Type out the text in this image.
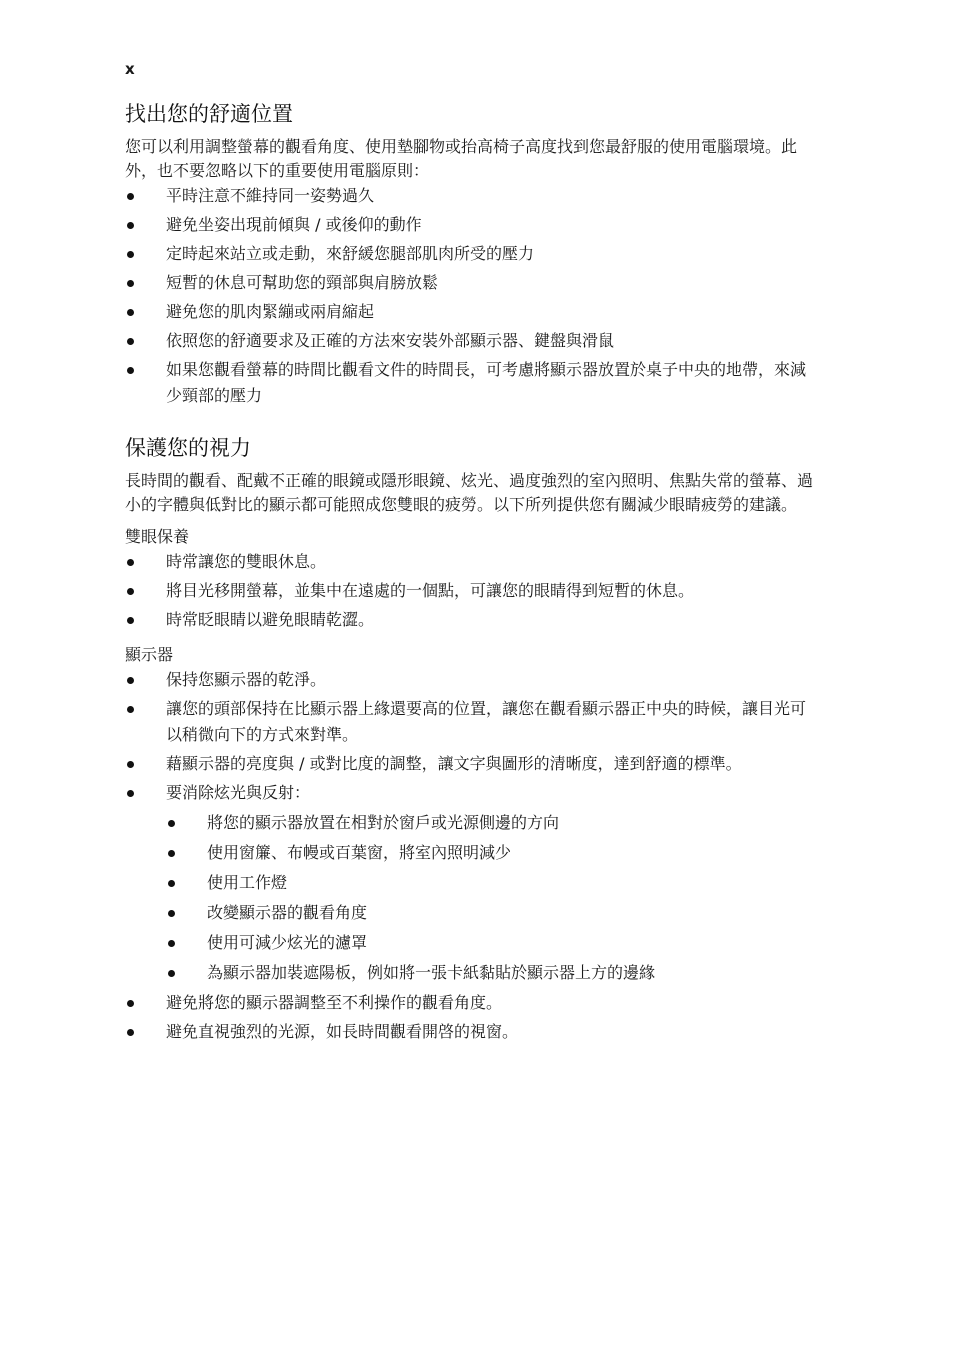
x
找出您的舒適位置

您可以利用調整螢幕的觀看角度、使用墊腳物或抬高椅子高度找到您最舒服的使用電腦環境。此外，也不要忽略以下的重要使用電腦原則：

平時注意不維持同一姿勢過久
避免坐姿出現前傾與 / 或後仰的動作
定時起來站立或走動，來舒緩您腿部肌肉所受的壓力
短暫的休息可幫助您的頸部與肩膀放鬆
避免您的肌肉緊繃或兩肩縮起
依照您的舒適要求及正確的方法來安裝外部顯示器、鍵盤與滑鼠
如果您觀看螢幕的時間比觀看文件的時間長，可考慮將顯示器放置於桌子中央的地帶，來減少頸部的壓力
保護您的視力

長時間的觀看、配戴不正確的眼鏡或隱形眼鏡、炫光、過度強烈的室內照明、焦點失常的螢幕、過小的字體與低對比的顯示都可能照成您雙眼的疲勞。以下所列提供您有關減少眼睛疲勞的建議。

雙眼保養
時常讓您的雙眼休息。
將目光移開螢幕，並集中在遠處的一個點，可讓您的眼睛得到短暫的休息。
時常眨眼睛以避免眼睛乾澀。
顯示器
保持您顯示器的乾淨。
讓您的頭部保持在比顯示器上緣還要高的位置，讓您在觀看顯示器正中央的時候，讓目光可以稍微向下的方式來對準。
藉顯示器的亮度與 / 或對比度的調整，讓文字與圖形的清晰度，達到舒適的標準。
要消除炫光與反射：
將您的顯示器放置在相對於窗戶或光源側邊的方向
使用窗簾、布幔或百葉窗，將室內照明減少
使用工作燈
改變顯示器的觀看角度
使用可減少炫光的濾罩
為顯示器加裝遮陽板，例如將一張卡紙黏貼於顯示器上方的邊緣
避免將您的顯示器調整至不利操作的觀看角度。
避免直視強烈的光源，如長時間觀看開啓的視窗。
